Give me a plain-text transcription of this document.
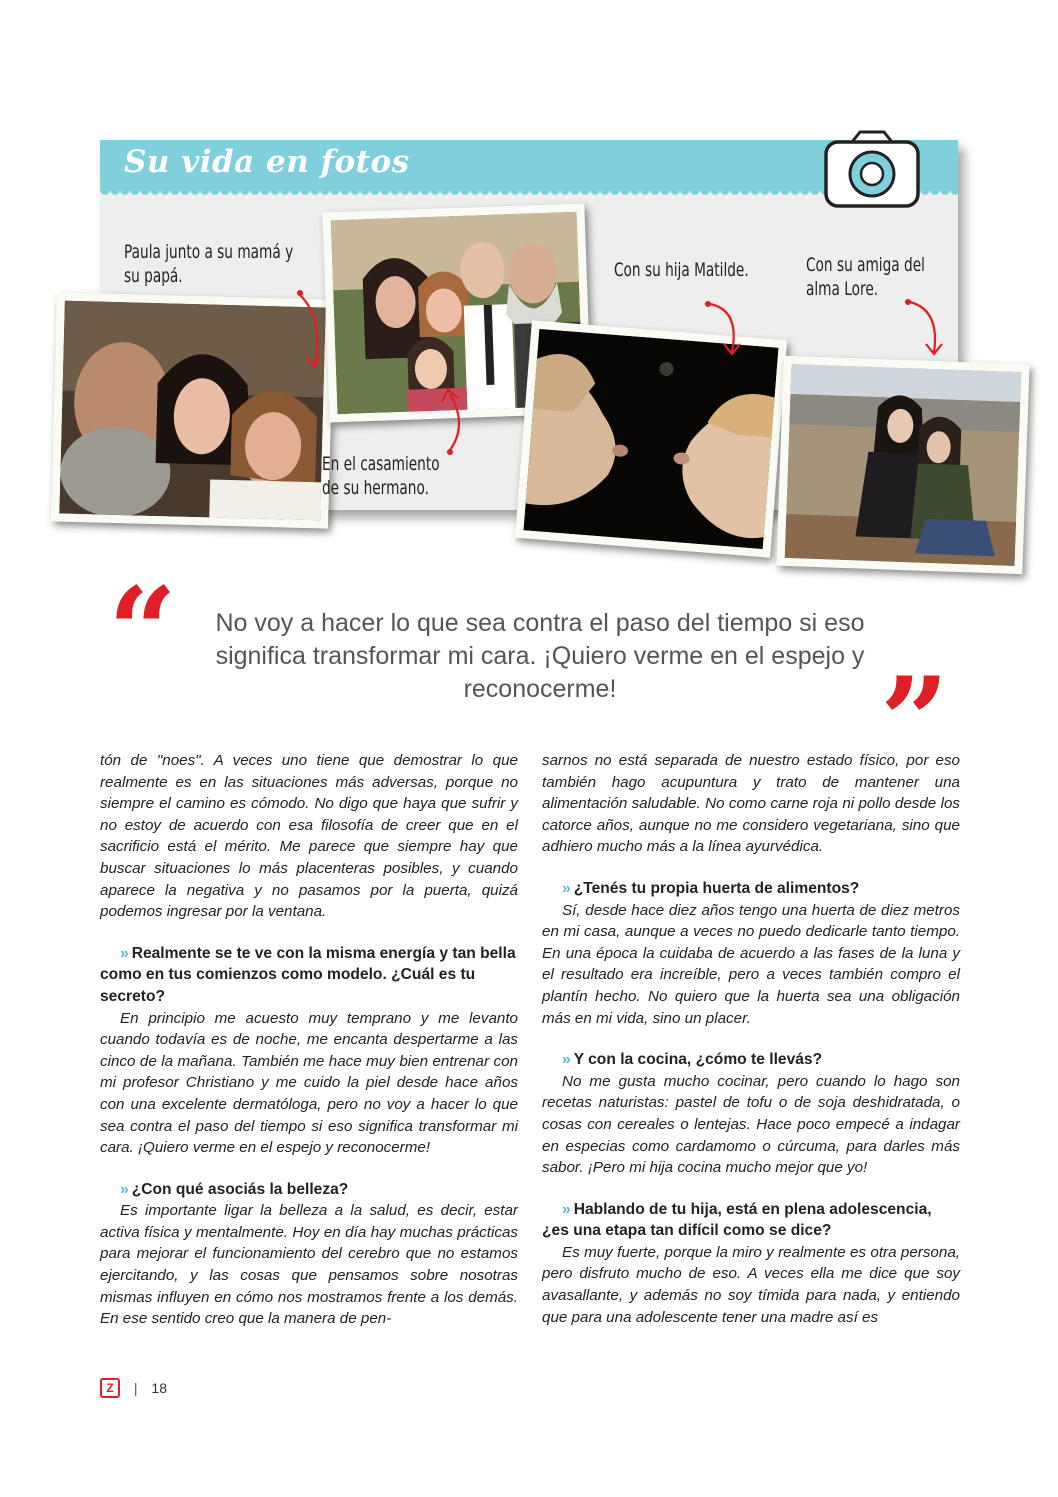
Su vida en fotos
Paula junto a su mamá y
su papá.
En el casamiento
de su hermano.
Con su hija Matilde.	Con su amiga del
alma Lore.
“ No voy a hacer lo que sea contra el paso del tiempo si eso significa transformar mi cara. ¡Quiero verme en el espejo y reconocerme!	”

tón de "noes". A veces uno tiene que demostrar lo que realmente es en las situaciones más adversas, porque no siempre el camino es cómodo. No digo que haya que sufrir y no estoy de acuerdo con esa filosofía de creer que en el sacrificio está el mérito. Me parece que siempre hay que buscar situaciones lo más placenteras posibles, y cuando aparece la negativa y no pasamos por la puerta, quizá podemos ingresar por la ventana.

» Realmente se te ve con la misma energía y tan bella como en tus comienzos como modelo. ¿Cuál es tu secreto?

En principio me acuesto muy temprano y me levanto cuando todavía es de noche, me encanta despertarme a las cinco de la mañana. También me hace muy bien entrenar con mi profesor Christiano y me cuido la piel desde hace años con una excelente dermatóloga, pero no voy a hacer lo que sea contra el paso del tiempo si eso significa transformar mi cara. ¡Quiero verme en el espejo y reconocerme!

» ¿Con qué asociás la belleza?

Es importante ligar la belleza a la salud, es decir, estar activa física y mentalmente. Hoy en día hay muchas prácticas para mejorar el funcionamiento del cerebro que no estamos ejercitando, y las cosas que pensamos sobre nosotras mismas influyen en cómo nos mostramos frente a los demás. En ese sentido creo que la manera de pen-

sarnos no está separada de nuestro estado físico, por eso también hago acupuntura y trato de mantener una alimentación saludable. No como carne roja ni pollo desde los catorce años, aunque no me considero vegetariana, sino que adhiero mucho más a la línea ayurvédica.

» ¿Tenés tu propia huerta de alimentos?

Sí, desde hace diez años tengo una huerta de diez metros en mi casa, aunque a veces no puedo dedicarle tanto tiempo. En una época la cuidaba de acuerdo a las fases de la luna y el resultado era increíble, pero a veces también compro el plantín hecho. No quiero que la huerta sea una obligación más en mi vida, sino un placer.

» Y con la cocina, ¿cómo te llevás?

No me gusta mucho cocinar, pero cuando lo hago son recetas naturistas: pastel de tofu o de soja deshidratada, o cosas con cereales o lentejas. Hace poco empecé a indagar en especias como cardamomo o cúrcuma, para darles más sabor. ¡Pero mi hija cocina mucho mejor que yo!

» Hablando de tu hija, está en plena adolescencia, ¿es una etapa tan difícil como se dice?

Es muy fuerte, porque la miro y realmente es otra persona, pero disfruto mucho de eso. A veces ella me dice que soy avasallante, y además no soy tímida para nada, y entiendo que para una adolescente tener una madre así es

Z | 18
